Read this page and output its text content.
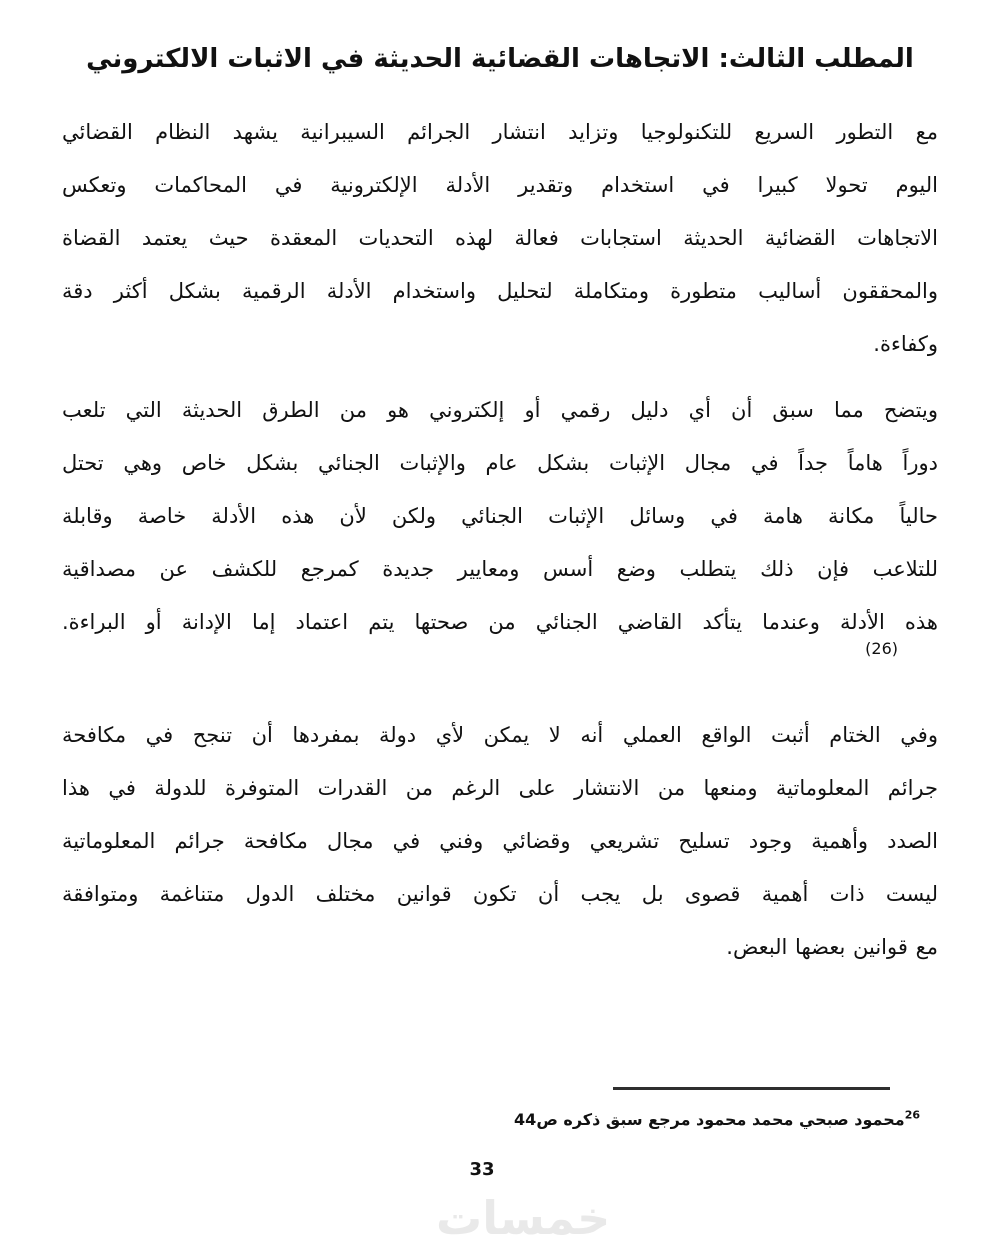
المطلب الثالث: الاتجاهات القضائية الحديثة في الاثبات الالكتروني
مع التطور السريع للتكنولوجيا وتزايد انتشار الجرائم السيبرانية يشهد النظام القضائي
اليوم تحولا كبيرا في استخدام وتقدير الأدلة الإلكترونية في المحاكمات وتعكس
الاتجاهات القضائية الحديثة استجابات فعالة لهذه التحديات المعقدة حيث يعتمد القضاة
والمحققون أساليب متطورة ومتكاملة لتحليل واستخدام الأدلة الرقمية بشكل أكثر دقة
وكفاءة.
ويتضح مما سبق أن أي دليل رقمي أو إلكتروني هو من الطرق الحديثة التي تلعب
دوراً هاماً جداً في مجال الإثبات بشكل عام والإثبات الجنائي بشكل خاص وهي تحتل
حالياً مكانة هامة في وسائل الإثبات الجنائي ولكن لأن هذه الأدلة خاصة وقابلة
للتلاعب فإن ذلك يتطلب وضع أسس ومعايير جديدة كمرجع للكشف عن مصداقية
هذه الأدلة وعندما يتأكد القاضي الجنائي من صحتها يتم اعتماد إما الإدانة أو البراءة.
(26)
وفي الختام أثبت الواقع العملي أنه لا يمكن لأي دولة بمفردها أن تنجح في مكافحة
جرائم المعلوماتية ومنعها من الانتشار على الرغم من القدرات المتوفرة للدولة في هذا
الصدد وأهمية وجود تسليح تشريعي وقضائي وفني في مجال مكافحة جرائم المعلوماتية
ليست ذات أهمية قصوى بل يجب أن تكون قوانين مختلف الدول متناغمة ومتوافقة
مع قوانين بعضها البعض.
$^{26}$محمود صبحي محمد محمود مرجع سبق ذكره ص44
33
خمسات
